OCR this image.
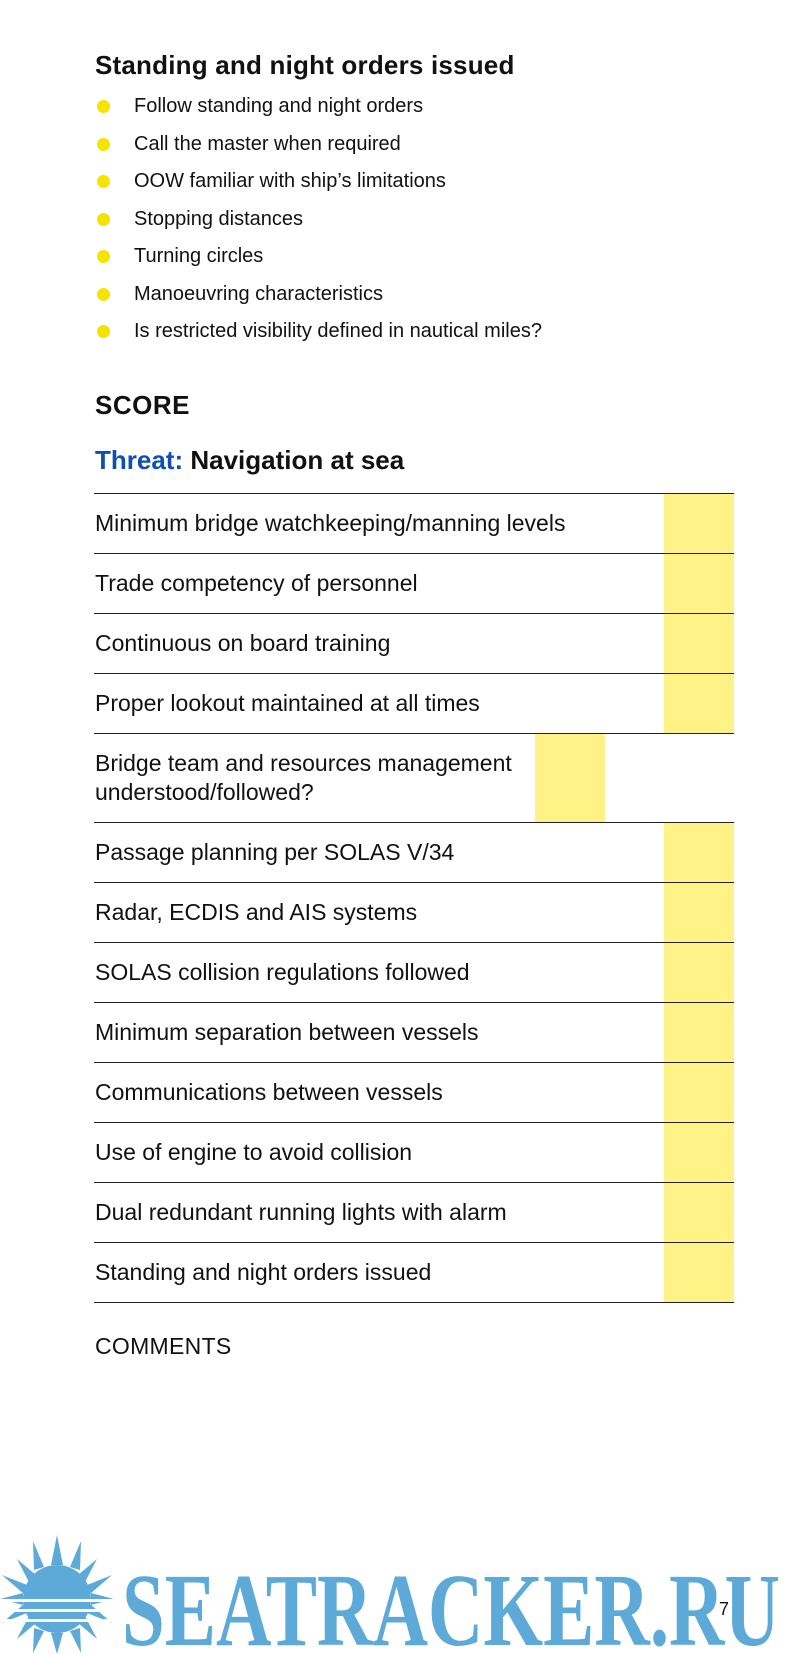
Standing and night orders issued
Follow standing and night orders
Call the master when required
OOW familiar with ship’s limitations
Stopping distances
Turning circles
Manoeuvring characteristics
Is restricted visibility defined in nautical miles?
SCORE
Threat: Navigation at sea
Minimum bridge watchkeeping/manning levels
Trade competency of personnel
Continuous on board training
Proper lookout maintained at all times
Bridge team and resources management understood/followed?
Passage planning per SOLAS V/34
Radar, ECDIS and AIS systems
SOLAS collision regulations followed
Minimum separation between vessels
Communications between vessels
Use of engine to avoid collision
Dual redundant running lights with alarm
Standing and night orders issued
COMMENTS
SEATRACKER.RU
7
